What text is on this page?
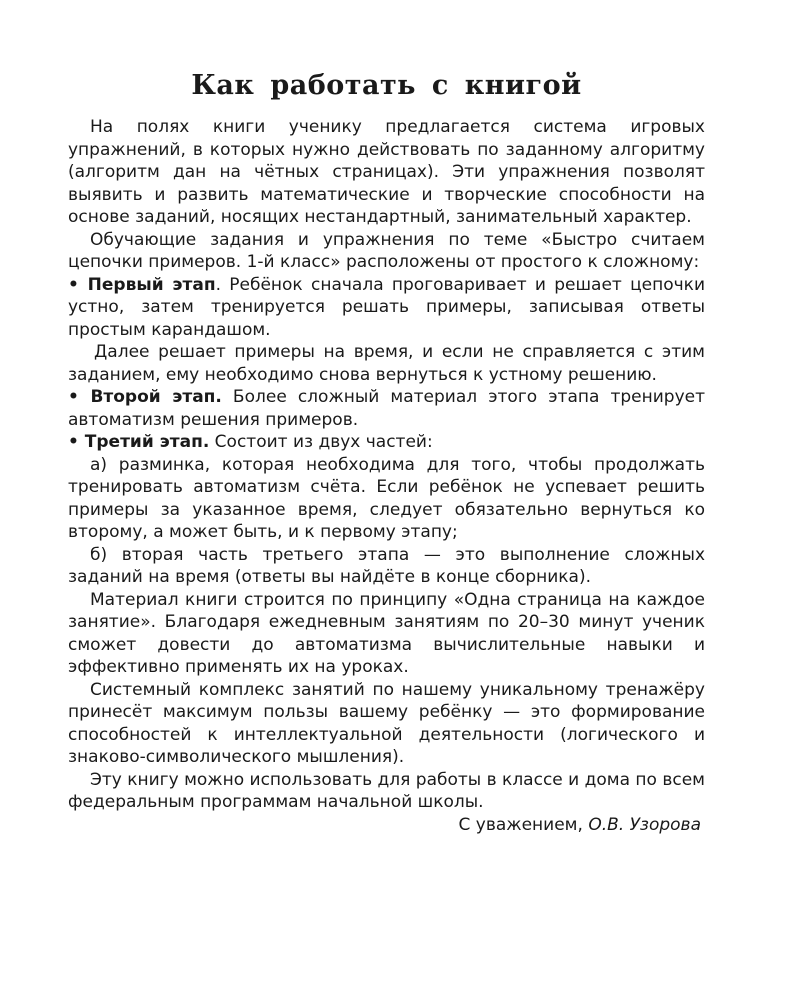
Как работать с книгой

На полях книги ученику предлагается система игровых упражнений, в которых нужно действовать по заданному алгоритму (алгоритм дан на чётных страницах). Эти упражнения позволят выявить и развить математические и творческие способности на основе заданий, носящих нестандартный, занимательный характер.

Обучающие задания и упражнения по теме «Быстро считаем цепочки примеров. 1-й класс» расположены от простого к сложному:

• Первый этап. Ребёнок сначала проговаривает и решает цепочки устно, затем тренируется решать примеры, записывая ответы простым карандашом.

Далее решает примеры на время, и если не справляется с этим заданием, ему необходимо снова вернуться к устному решению.

• Второй этап. Более сложный материал этого этапа тренирует автоматизм решения примеров.

• Третий этап. Состоит из двух частей:

а) разминка, которая необходима для того, чтобы продолжать тренировать автоматизм счёта. Если ребёнок не успевает решить примеры за указанное время, следует обязательно вернуться ко второму, а может быть, и к первому этапу;

б) вторая часть третьего этапа — это выполнение сложных заданий на время (ответы вы найдёте в конце сборника).

Материал книги строится по принципу «Одна страница на каждое занятие». Благодаря ежедневным занятиям по 20–30 минут ученик сможет довести до автоматизма вычислительные навыки и эффективно применять их на уроках.

Системный комплекс занятий по нашему уникальному тренажёру принесёт максимум пользы вашему ребёнку — это формирование способностей к интеллектуальной деятельности (логического и знаково-символического мышления).

Эту книгу можно использовать для работы в классе и дома по всем федеральным программам начальной школы.

С уважением, О.В. Узорова
